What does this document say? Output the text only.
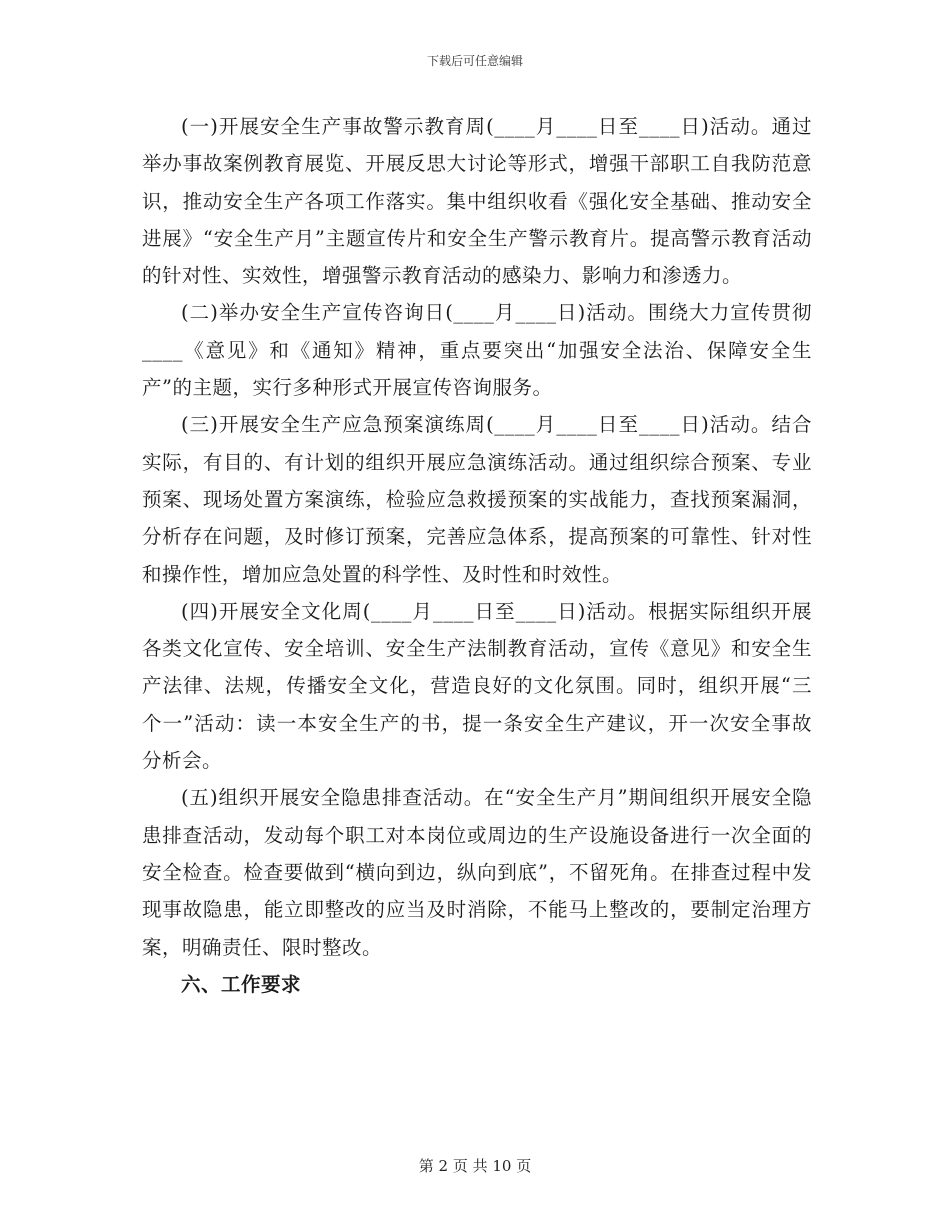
下载后可任意编辑

(一)开展安全生产事故警示教育周(____月____日至____日)活动。通过举办事故案例教育展览、开展反思大讨论等形式，增强干部职工自我防范意识，推动安全生产各项工作落实。集中组织收看《强化安全基础、推动安全进展》“安全生产月”主题宣传片和安全生产警示教育片。提高警示教育活动的针对性、实效性，增强警示教育活动的感染力、影响力和渗透力。

(二)举办安全生产宣传咨询日(____月____日)活动。围绕大力宣传贯彻____《意见》和《通知》精神，重点要突出“加强安全法治、保障安全生产”的主题，实行多种形式开展宣传咨询服务。

(三)开展安全生产应急预案演练周(____月____日至____日)活动。结合实际，有目的、有计划的组织开展应急演练活动。通过组织综合预案、专业预案、现场处置方案演练，检验应急救援预案的实战能力，查找预案漏洞，分析存在问题，及时修订预案，完善应急体系，提高预案的可靠性、针对性和操作性，增加应急处置的科学性、及时性和时效性。

(四)开展安全文化周(____月____日至____日)活动。根据实际组织开展各类文化宣传、安全培训、安全生产法制教育活动，宣传《意见》和安全生产法律、法规，传播安全文化，营造良好的文化氛围。同时，组织开展“三个一”活动：读一本安全生产的书，提一条安全生产建议，开一次安全事故分析会。

(五)组织开展安全隐患排查活动。在“安全生产月”期间组织开展安全隐患排查活动，发动每个职工对本岗位或周边的生产设施设备进行一次全面的安全检查。检查要做到“横向到边，纵向到底”，不留死角。在排查过程中发现事故隐患，能立即整改的应当及时消除，不能马上整改的，要制定治理方案，明确责任、限时整改。

六、工作要求

第 2 页 共 10 页
